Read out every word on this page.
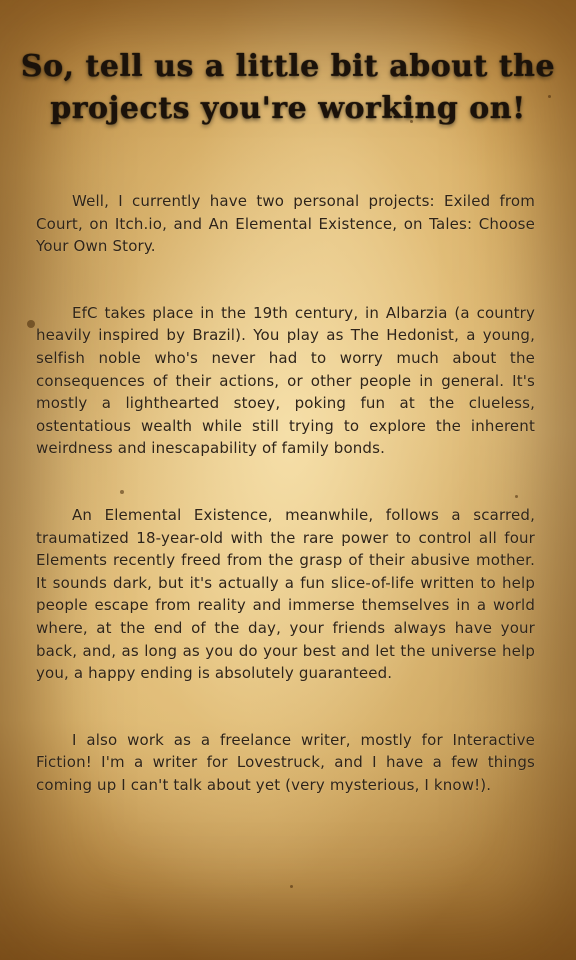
So, tell us a little bit about the projects you're working on!

Well, I currently have two personal projects: Exiled from Court, on Itch.io, and An Elemental Existence, on Tales: Choose Your Own Story.

EfC takes place in the 19th century, in Albarzia (a country heavily inspired by Brazil). You play as The Hedonist, a young, selfish noble who's never had to worry much about the consequences of their actions, or other people in general. It's mostly a lighthearted stoey, poking fun at the clueless, ostentatious wealth while still trying to explore the inherent weirdness and inescapability of family bonds.

An Elemental Existence, meanwhile, follows a scarred, traumatized 18-year-old with the rare power to control all four Elements recently freed from the grasp of their abusive mother. It sounds dark, but it's actually a fun slice-of-life written to help people escape from reality and immerse themselves in a world where, at the end of the day, your friends always have your back, and, as long as you do your best and let the universe help you, a happy ending is absolutely guaranteed.

I also work as a freelance writer, mostly for Interactive Fiction! I'm a writer for Lovestruck, and I have a few things coming up I can't talk about yet (very mysterious, I know!).
